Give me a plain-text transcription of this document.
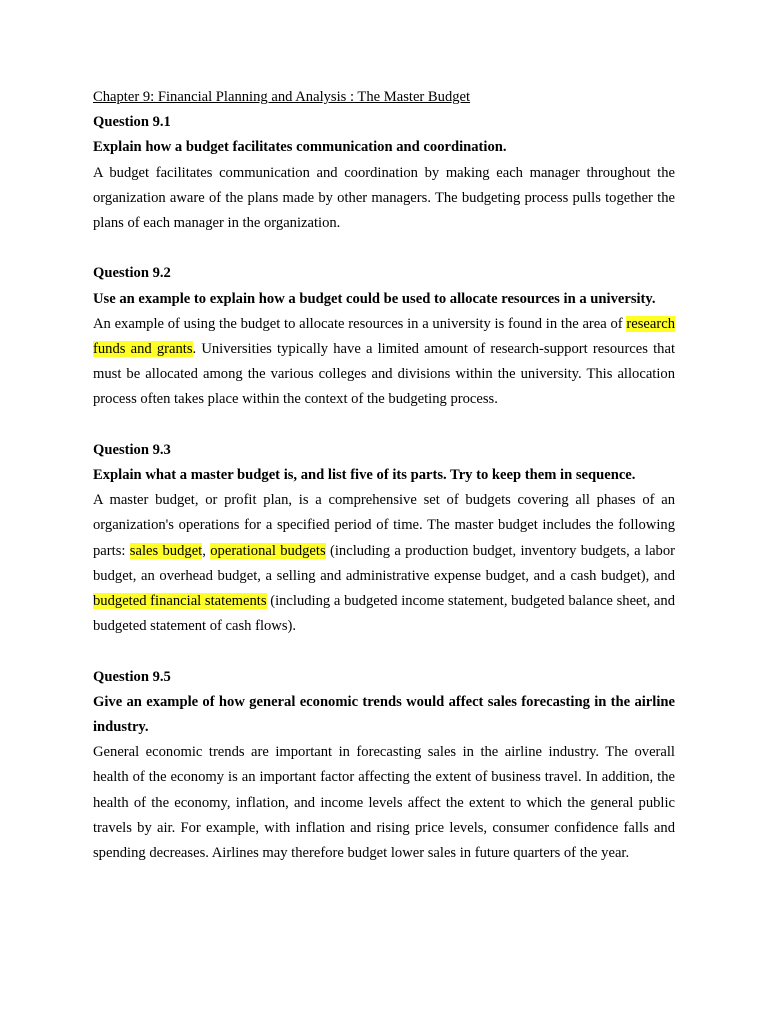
Chapter 9: Financial Planning and Analysis : The Master Budget

Question 9.1

Explain how a budget facilitates communication and coordination.

A budget facilitates communication and coordination by making each manager throughout the organization aware of the plans made by other managers. The budgeting process pulls together the plans of each manager in the organization.

Question 9.2

Use an example to explain how a budget could be used to allocate resources in a university.

An example of using the budget to allocate resources in a university is found in the area of research funds and grants. Universities typically have a limited amount of research-support resources that must be allocated among the various colleges and divisions within the university. This allocation process often takes place within the context of the budgeting process.

Question 9.3

Explain what a master budget is, and list five of its parts. Try to keep them in sequence.

A master budget, or profit plan, is a comprehensive set of budgets covering all phases of an organization's operations for a specified period of time. The master budget includes the following parts: sales budget, operational budgets (including a production budget, inventory budgets, a labor budget, an overhead budget, a selling and administrative expense budget, and a cash budget), and budgeted financial statements (including a budgeted income statement, budgeted balance sheet, and budgeted statement of cash flows).

Question 9.5

Give an example of how general economic trends would affect sales forecasting in the airline industry.

General economic trends are important in forecasting sales in the airline industry. The overall health of the economy is an important factor affecting the extent of business travel. In addition, the health of the economy, inflation, and income levels affect the extent to which the general public travels by air. For example, with inflation and rising price levels, consumer confidence falls and spending decreases. Airlines may therefore budget lower sales in future quarters of the year.
